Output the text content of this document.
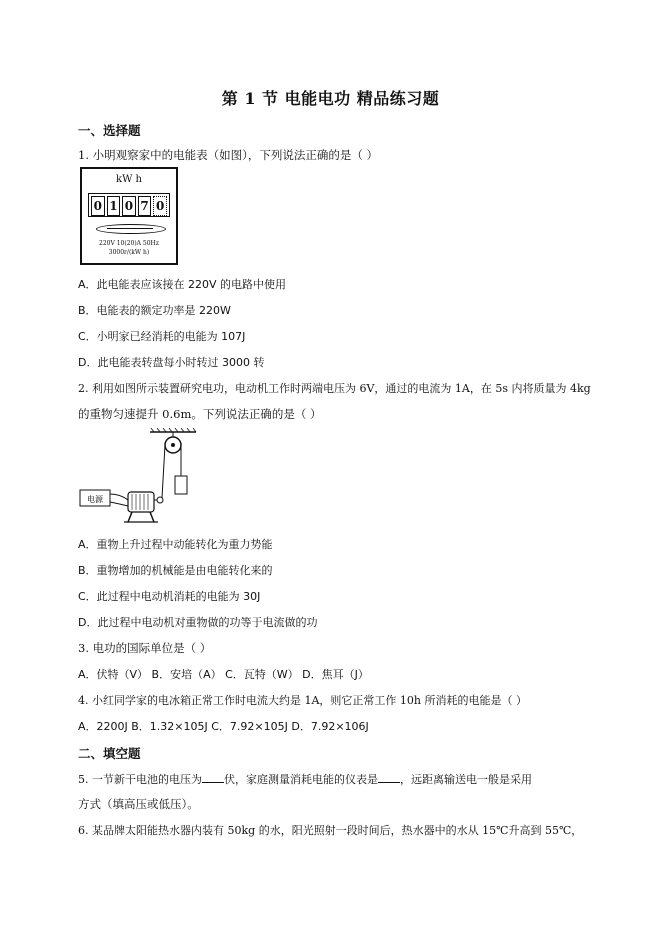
第 1 节 电能电功 精品练习题
一、选择题
1. 小明观察家中的电能表（如图），下列说法正确的是（ ）
kW h
0 1 0 7 0
220V 10(20)A 50Hz
3000r/(kW h)
A．此电能表应该接在 220V 的电路中使用
B．电能表的额定功率是 220W
C．小明家已经消耗的电能为 107J
D．此电能表转盘每小时转过 3000 转
2. 利用如图所示装置研究电功，电动机工作时两端电压为 6V，通过的电流为 1A，在 5s 内将质量为 4kg
的重物匀速提升 0.6m。下列说法正确的是（ ）
电源
A．重物上升过程中动能转化为重力势能
B．重物增加的机械能是由电能转化来的
C．此过程中电动机消耗的电能为 30J
D．此过程中电动机对重物做的功等于电流做的功
3. 电功的国际单位是（ ）
A．伏特（V） B．安培（A） C．瓦特（W） D．焦耳（J）
4. 小红同学家的电冰箱正常工作时电流大约是 1A，则它正常工作 10h 所消耗的电能是（ ）
A．2200J B．1.32×105J C．7.92×105J D．7.92×106J
二、填空题
5. 一节新干电池的电压为 伏，家庭测量消耗电能的仪表是 ，远距离输送电一般是采用
方式（填高压或低压）。
6. 某品牌太阳能热水器内装有 50kg 的水，阳光照射一段时间后，热水器中的水从 15℃升高到 55℃，
